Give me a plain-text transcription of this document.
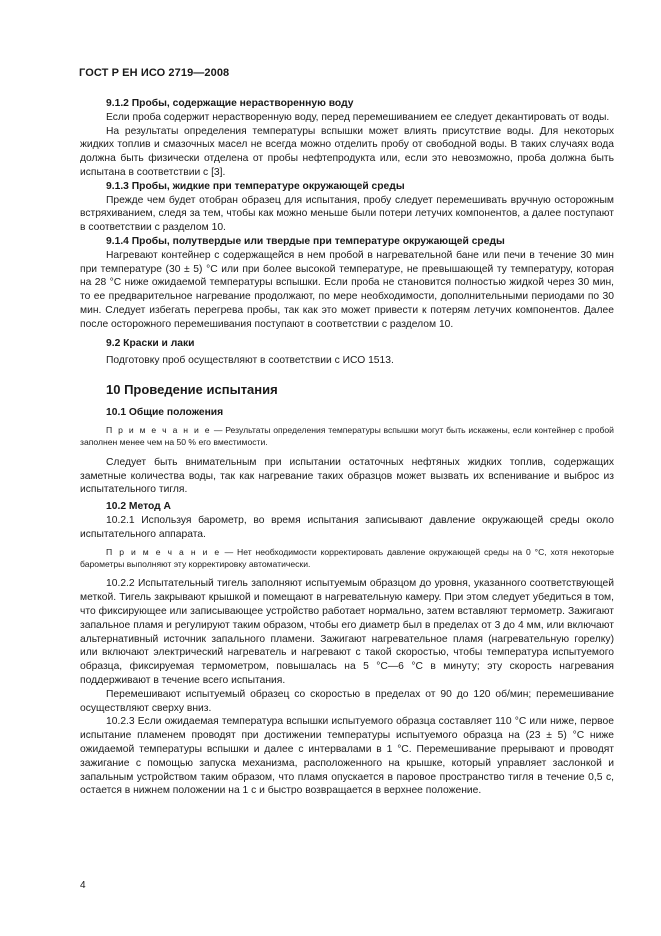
ГОСТ Р ЕН ИСО 2719—2008

9.1.2 Пробы, содержащие нерастворенную воду

Если проба содержит нерастворенную воду, перед перемешиванием ее следует декантировать от воды.

На результаты определения температуры вспышки может влиять присутствие воды. Для некоторых жидких топлив и смазочных масел не всегда можно отделить пробу от свободной воды. В таких случаях вода должна быть физически отделена от пробы нефтепродукта или, если это невозможно, проба должна быть испытана в соответствии с [3].

9.1.3 Пробы, жидкие при температуре окружающей среды

Прежде чем будет отобран образец для испытания, пробу следует перемешивать вручную осторожным встряхиванием, следя за тем, чтобы как можно меньше были потери летучих компонентов, а далее поступают в соответствии с разделом 10.

9.1.4 Пробы, полутвердые или твердые при температуре окружающей среды

Нагревают контейнер с содержащейся в нем пробой в нагревательной бане или печи в течение 30 мин при температуре (30 ± 5) °С или при более высокой температуре, не превышающей ту температуру, которая на 28 °С ниже ожидаемой температуры вспышки. Если проба не становится полностью жидкой через 30 мин, то ее предварительное нагревание продолжают, по мере необходимости, дополнительными периодами по 30 мин. Следует избегать перегрева пробы, так как это может привести к потерям летучих компонентов. Далее после осторожного перемешивания поступают в соответствии с разделом 10.

9.2 Краски и лаки

Подготовку проб осуществляют в соответствии с ИСО 1513.

10 Проведение испытания

10.1 Общие положения

П р и м е ч а н и е — Результаты определения температуры вспышки могут быть искажены, если контейнер с пробой заполнен менее чем на 50 % его вместимости.

Следует быть внимательным при испытании остаточных нефтяных жидких топлив, содержащих заметные количества воды, так как нагревание таких образцов может вызвать их вспенивание и выброс из испытательного тигля.

10.2 Метод А

10.2.1 Используя барометр, во время испытания записывают давление окружающей среды около испытательного аппарата.

П р и м е ч а н и е — Нет необходимости корректировать давление окружающей среды на 0 °С, хотя некоторые барометры выполняют эту корректировку автоматически.

10.2.2 Испытательный тигель заполняют испытуемым образцом до уровня, указанного соответствующей меткой. Тигель закрывают крышкой и помещают в нагревательную камеру. При этом следует убедиться в том, что фиксирующее или записывающее устройство работает нормально, затем вставляют термометр. Зажигают запальное пламя и регулируют таким образом, чтобы его диаметр был в пределах от 3 до 4 мм, или включают альтернативный источник запального пламени. Зажигают нагревательное пламя (нагревательную горелку) или включают электрический нагреватель и нагревают с такой скоростью, чтобы температура испытуемого образца, фиксируемая термометром, повышалась на 5 °С—6 °С в минуту; эту скорость нагревания поддерживают в течение всего испытания.

Перемешивают испытуемый образец со скоростью в пределах от 90 до 120 об/мин; перемешивание осуществляют сверху вниз.

10.2.3 Если ожидаемая температура вспышки испытуемого образца составляет 110 °С или ниже, первое испытание пламенем проводят при достижении температуры испытуемого образца на (23 ± 5) °С ниже ожидаемой температуры вспышки и далее с интервалами в 1 °С. Перемешивание прерывают и проводят зажигание с помощью запуска механизма, расположенного на крышке, который управляет заслонкой и запальным устройством таким образом, что пламя опускается в паровое пространство тигля в течение 0,5 с, остается в нижнем положении на 1 с и быстро возвращается в верхнее положение.

4
